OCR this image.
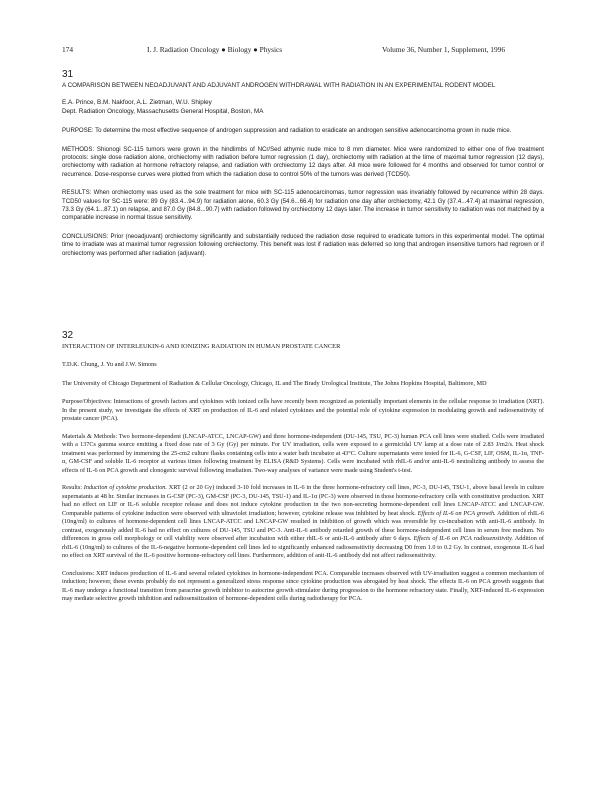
174	I. J. Radiation Oncology ● Biology ● Physics	Volume 36, Number 1, Supplement, 1996
31
A COMPARISON BETWEEN NEOADJUVANT AND ADJUVANT ANDROGEN WITHDRAWAL WITH RADIATION IN AN EXPERIMENTAL RODENT MODEL
E.A. Prince, B.M. Nakfoor, A.L. Zietman, W.U. Shipley
Dept. Radiation Oncology, Massachusetts General Hospital, Boston, MA

PURPOSE: To determine the most effective sequence of androgen suppression and radiation to eradicate an androgen sensitive adenocarcinoma grown in nude mice.

METHODS: Shionogi SC-115 tumors were grown in the hindlimbs of NCr/Sed athymic nude mice to 8 mm diameter. Mice were randomized to either one of five treatment protocols: single dose radiation alone, orchiectomy with radiation before tumor regression (1 day), orchiectomy with radiation at the time of maximal tumor regression (12 days), orchiectomy with radiation at hormone refractory relapse, and radiation with orchiectomy 12 days after. All mice were followed for 4 months and observed for tumor control or recurrence. Dose-response curves were plotted from which the radiation dose to control 50% of the tumors was derived (TCD50).

RESULTS: When orchiectomy was used as the sole treatment for mice with SC-115 adenocarcinomas, tumor regression was invariably followed by recurrence within 28 days. TCD50 values for SC-115 were: 89 Gy (83.4...94.9) for radiation alone, 60.3 Gy (54.6...66.4) for radiation one day after orchiectomy, 42.1 Gy (37.4...47.4) at maximal regression, 73.3 Gy (64.1...87.1) on relapse, and 87.0 Gy (84.8...90.7) with radiation followed by orchiectomy 12 days later. The increase in tumor sensitivity to radiation was not matched by a comparable increase in normal tissue sensitivity.

CONCLUSIONS: Prior (neoadjuvant) orchiectomy significantly and substantially reduced the radiation dose required to eradicate tumors in this experimental model. The optimal time to irradiate was at maximal tumor regression following orchiectomy. This benefit was lost if radiation was deferred so long that androgen insensitive tumors had regrown or if orchiectomy was performed after radiation (adjuvant).

32
INTERACTION OF INTERLEUKIN-6 AND IONIZING RADIATION IN HUMAN PROSTATE CANCER
T.D.K. Chung, J. Yu and J.W. Simons
The University of Chicago Department of Radiation & Cellular Oncology, Chicago, IL and The Brady Urological Institute, The Johns Hopkins Hospital, Baltimore, MD

Purpose/Objectives: Interactions of growth factors and cytokines with ionized cells have recently been recognized as potentially important elements in the cellular response to irradiation (XRT). In the present study, we investigate the effects of XRT on production of IL-6 and related cytokines and the potential role of cytokine expression in modulating growth and radiosensitivity of prostate cancer (PCA).

Materials & Methods: Two hormone-dependent (LNCAP-ATCC, LNCAP-GW) and three hormone-independent (DU-145, TSU, PC-3) human PCA cell lines were studied. Cells were irradiated with a 137Cs gamma source emitting a fixed dose rate of 3 Gy (Gy) per minute. For UV irradiation, cells were exposed to a germicidal UV lamp at a dose rate of 2.83 J/m2/s. Heat shock treatment was performed by immersing the 25-cm2 culture flasks containing cells into a water bath incubator at 43°C. Culture supernatants were tested for IL-6, G-CSF, LIF, OSM, IL-1α, TNF-α, GM-CSF and soluble IL-6 receptor at various times following treatment by ELISA (R&D Systems). Cells were incubated with rhIL-6 and/or anti-IL-6 neutralizing antibody to assess the effects of IL-6 on PCA growth and clonogenic survival following irradiation. Two-way analyses of variance were made using Student's t-test.

Results: Induction of cytokine production. XRT (2 or 20 Gy) induced 3-10 fold increases in IL-6 in the three hormone-refractory cell lines, PC-3, DU-145, TSU-1, above basal levels in culture supernatants at 48 hr. Similar increases in G-CSF (PC-3), GM-CSF (PC-3, DU-145, TSU-1) and IL-1α (PC-3) were observed in those hormone-refractory cells with constitutive production. XRT had no effect on LIF or IL-6 soluble receptor release and does not induce cytokine production in the two non-secreting hormone-dependent cell lines LNCAP-ATCC and LNCAP-GW. Comparable patterns of cytokine induction were observed with ultraviolet irradiation; however, cytokine release was inhibited by heat shock. Effects of IL-6 on PCA growth. Addition of rhIL-6 (10ng/ml) to cultures of hormone-dependent cell lines LNCAP-ATCC and LNCAP-GW resulted in inhibition of growth which was reversible by co-incubation with anti-IL-6 antibody. In contrast, exogenously added IL-6 had no effect on cultures of DU-145, TSU and PC-3. Anti-IL-6 antibody retarded growth of these hormone-independent cell lines in serum free medium. No differences in gross cell morphology or cell viability were observed after incubation with either rhIL-6 or anti-IL-6 antibody after 6 days. Effects of IL-6 on PCA radiosensitivity. Addition of rhIL-6 (10ng/ml) to cultures of the IL-6-negative hormone-dependent cell lines led to significantly enhanced radiosensitivity decreasing D0 from 1.0 to 0.2 Gy. In contrast, exogenous IL-6 had no effect on XRT survival of the IL-6 positive hormone-refractory cell lines. Furthermore, addition of anti-IL-6 antibody did not affect radiosensitivity.

Conclusions: XRT induces production of IL-6 and several related cytokines in hormone-independent PCA. Comparable increases observed with UV-irradiation suggest a common mechanism of induction; however, these events probably do not represent a generalized stress response since cytokine production was abrogated by heat shock. The effects IL-6 on PCA growth suggests that IL-6 may undergo a functional transition from paracrine growth inhibitor to autocrine growth stimulator during progression to the hormone refractory state. Finally, XRT-induced IL-6 expression may mediate selective growth inhibition and radiosensitization of hormone-dependent cells during radiotherapy for PCA.
